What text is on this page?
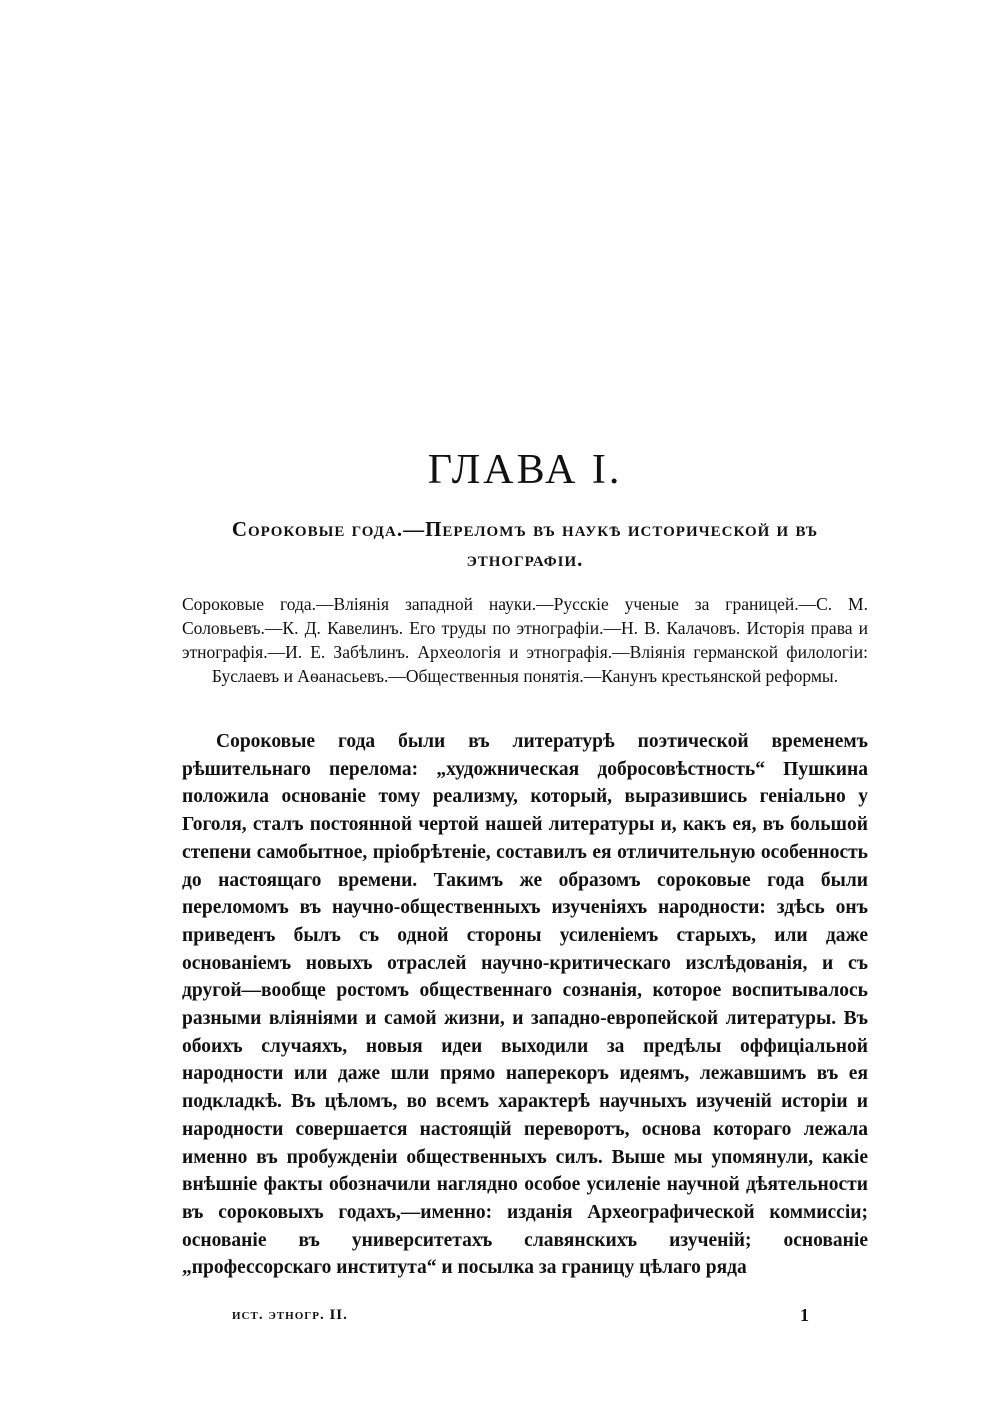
ГЛАВА I.

Сороковые года.—Переломъ въ наукѣ исторической и въ этнографіи.

Сороковые года.—Вліянія западной науки.—Русскіе ученые за границей.—С. М. Соловьевъ.—К. Д. Кавелинъ. Его труды по этнографіи.—Н. В. Калачовъ. Исторія права и этнографія.—И. Е. Забѣлинъ. Археологія и этнографія.—Вліянія германской филологіи: Буслаевъ и Аѳанасьевъ.—Общественныя понятія.—Канунъ крестьянской реформы.

Сороковые года были въ литературѣ поэтической временемъ рѣшительнаго перелома: „художническая добросовѣстность“ Пушкина положила основаніе тому реализму, который, выразившись геніально у Гоголя, сталъ постоянной чертой нашей литературы и, какъ ея, въ большой степени самобытное, пріобрѣтеніе, составилъ ея отличительную особенность до настоящаго времени. Такимъ же образомъ сороковые года были переломомъ въ научно-общественныхъ изученіяхъ народности: здѣсь онъ приведенъ былъ съ одной стороны усиленіемъ старыхъ, или даже основаніемъ новыхъ отраслей научно-критическаго изслѣдованія, и съ другой—вообще ростомъ общественнаго сознанія, которое воспитывалось разными вліяніями и самой жизни, и западно-европейской литературы. Въ обоихъ случаяхъ, новыя идеи выходили за предѣлы оффиціальной народности или даже шли прямо наперекоръ идеямъ, лежавшимъ въ ея подкладкѣ. Въ цѣломъ, во всемъ характерѣ научныхъ изученій исторіи и народности совершается настоящій переворотъ, основа котораго лежала именно въ пробужденіи общественныхъ силъ. Выше мы упомянули, какіе внѣшніе факты обозначили наглядно особое усиленіе научной дѣятельности въ сороковыхъ годахъ,—именно: изданія Археографической коммиссіи; основаніе въ университетахъ славянскихъ изученій; основаніе „профессорскаго института“ и посылка за границу цѣлаго ряда

ист. этногр. II.	1
